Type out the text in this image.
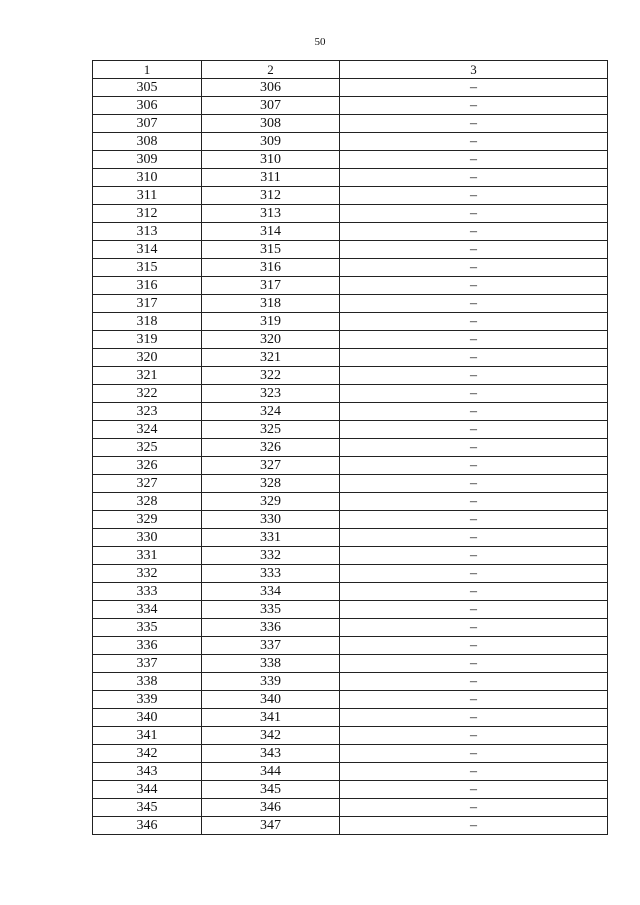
50
1	2	3
305	306	–
306	307	–
307	308	–
308	309	–
309	310	–
310	311	–
311	312	–
312	313	–
313	314	–
314	315	–
315	316	–
316	317	–
317	318	–
318	319	–
319	320	–
320	321	–
321	322	–
322	323	–
323	324	–
324	325	–
325	326	–
326	327	–
327	328	–
328	329	–
329	330	–
330	331	–
331	332	–
332	333	–
333	334	–
334	335	–
335	336	–
336	337	–
337	338	–
338	339	–
339	340	–
340	341	–
341	342	–
342	343	–
343	344	–
344	345	–
345	346	–
346	347	–
